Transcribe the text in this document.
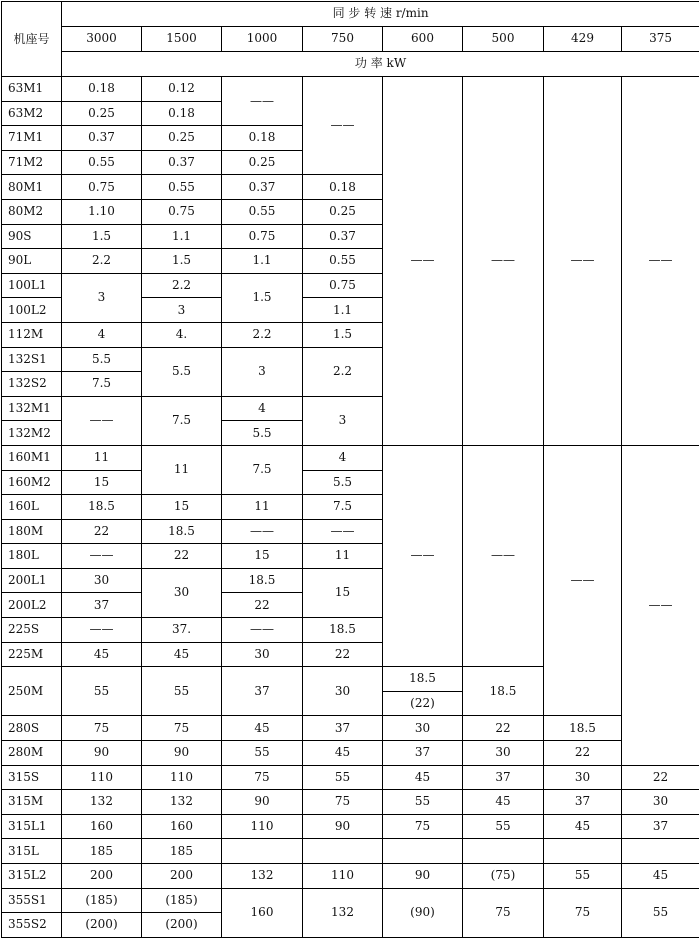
机座号	同 步 转 速 r/min							
	3000	1500	1000	750	600	500	429	375
	功 率 kW							
63M1	0.18	0.12	——	——	——	——	——	——
63M2	0.25	0.18						
71M1	0.37	0.25	0.18					
71M2	0.55	0.37	0.25					
80M1	0.75	0.55	0.37	0.18				
80M2	1.10	0.75	0.55	0.25				
90S	1.5	1.1	0.75	0.37				
90L	2.2	1.5	1.1	0.55				
100L1	3	2.2	1.5	0.75				
100L2		3		1.1				
112M	4	4.	2.2	1.5				
132S1	5.5	5.5	3	2.2				
132S2	7.5							
132M1	——	7.5	4	3				
132M2			5.5					
160M1	11	11	7.5	4	——	——	——	——
160M2	15			5.5				
160L	18.5	15	11	7.5				
180M	22	18.5	——	——				
180L	——	22	15	11				
200L1	30	30	18.5	15				
200L2	37		22					
225S	——	37.	——	18.5				
225M	45	45	30	22				
250M	55	55	37	30	18.5	18.5		
					(22)			
280S	75	75	45	37	30	22	18.5	
280M	90	90	55	45	37	30	22	
315S	110	110	75	55	45	37	30	22
315M	132	132	90	75	55	45	37	30
315L1	160	160	110	90	75	55	45	37
315L	185	185						
315L2	200	200	132	110	90	(75)	55	45
355S1	(185)	(185)	160	132	(90)	75	75	55
355S2	(200)	(200)						
